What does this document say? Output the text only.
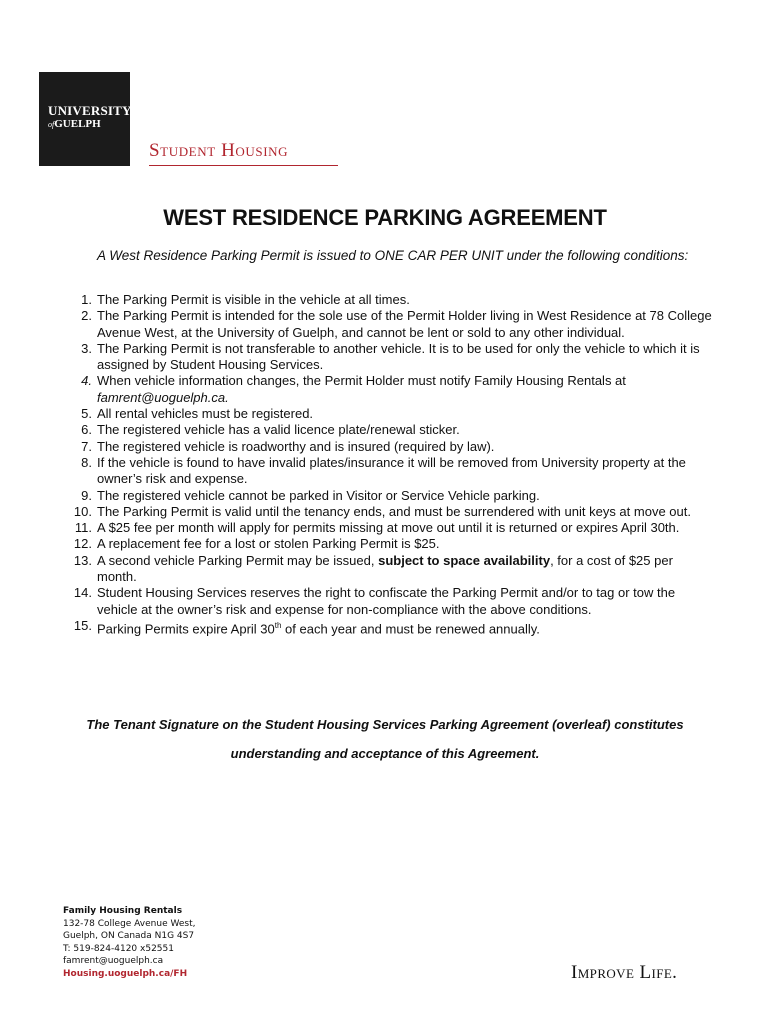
UNIVERSITY
ofGUELPH
Student Housing
WEST RESIDENCE PARKING AGREEMENT
A West Residence Parking Permit is issued to ONE CAR PER UNIT under the following conditions:
1. The Parking Permit is visible in the vehicle at all times.
2. The Parking Permit is intended for the sole use of the Permit Holder living in West Residence at 78 College Avenue West, at the University of Guelph, and cannot be lent or sold to any other individual.
3. The Parking Permit is not transferable to another vehicle. It is to be used for only the vehicle to which it is assigned by Student Housing Services.
4. When vehicle information changes, the Permit Holder must notify Family Housing Rentals at
famrent@uoguelph.ca.
5. All rental vehicles must be registered.
6. The registered vehicle has a valid licence plate/renewal sticker.
7. The registered vehicle is roadworthy and is insured (required by law).
8. If the vehicle is found to have invalid plates/insurance it will be removed from University property at the owner’s risk and expense.
9. The registered vehicle cannot be parked in Visitor or Service Vehicle parking.
10. The Parking Permit is valid until the tenancy ends, and must be surrendered with unit keys at move out.
11. A $25 fee per month will apply for permits missing at move out until it is returned or expires April 30th.
12. A replacement fee for a lost or stolen Parking Permit is $25.
13. A second vehicle Parking Permit may be issued, subject to space availability, for a cost of $25 per month.
14. Student Housing Services reserves the right to confiscate the Parking Permit and/or to tag or tow the vehicle at the owner’s risk and expense for non-compliance with the above conditions.
15. Parking Permits expire April 30th of each year and must be renewed annually.
The Tenant Signature on the Student Housing Services Parking Agreement (overleaf) constitutes
understanding and acceptance of this Agreement.
Family Housing Rentals
132-78 College Avenue West,
Guelph, ON Canada N1G 4S7
T: 519-824-4120 x52551
famrent@uoguelph.ca
Housing.uoguelph.ca/FH	Improve Life.
